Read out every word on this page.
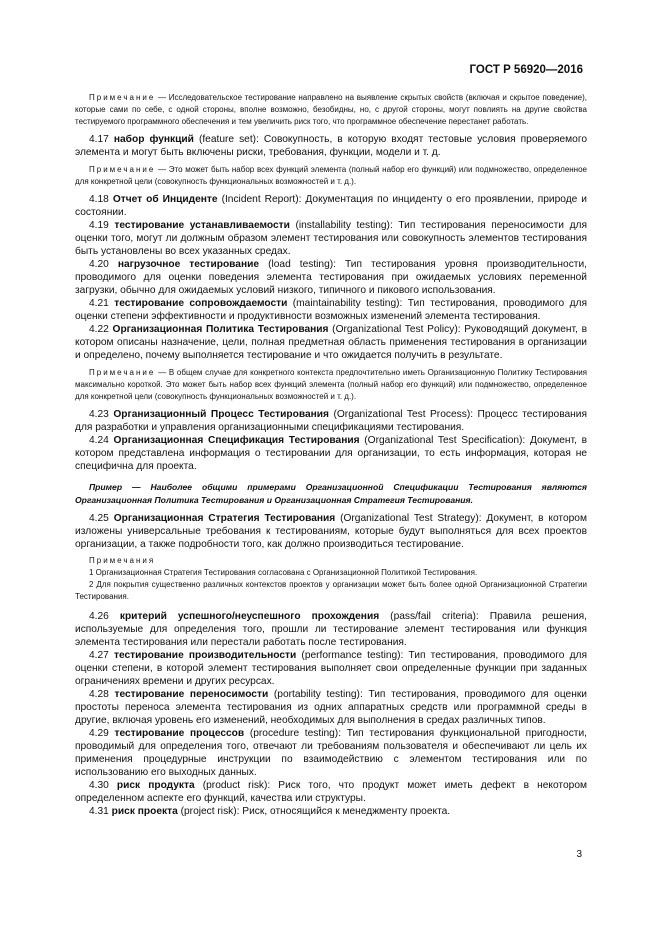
ГОСТ Р 56920—2016

Примечание — Исследовательское тестирование направлено на выявление скрытых свойств (включая и скрытое поведение), которые сами по себе, с одной стороны, вполне возможно, безобидны, но, с другой стороны, могут повлиять на другие свойства тестируемого программного обеспечения и тем увеличить риск того, что программное обеспечение перестанет работать.

4.17 набор функций (feature set): Совокупность, в которую входят тестовые условия проверяемого элемента и могут быть включены риски, требования, функции, модели и т. д.

Примечание — Это может быть набор всех функций элемента (полный набор его функций) или подмножество, определенное для конкретной цели (совокупность функциональных возможностей и т. д.).

4.18 Отчет об Инциденте (Incident Report): Документация по инциденту о его проявлении, природе и состоянии.

4.19 тестирование устанавливаемости (installability testing): Тип тестирования переносимости для оценки того, могут ли должным образом элемент тестирования или совокупность элементов тестирования быть установлены во всех указанных средах.

4.20 нагрузочное тестирование (load testing): Тип тестирования уровня производительности, проводимого для оценки поведения элемента тестирования при ожидаемых условиях переменной загрузки, обычно для ожидаемых условий низкого, типичного и пикового использования.

4.21 тестирование сопровождаемости (maintainability testing): Тип тестирования, проводимого для оценки степени эффективности и продуктивности возможных изменений элемента тестирования.

4.22 Организационная Политика Тестирования (Organizational Test Policy): Руководящий документ, в котором описаны назначение, цели, полная предметная область применения тестирования в организации и определено, почему выполняется тестирование и что ожидается получить в результате.

Примечание — В общем случае для конкретного контекста предпочтительно иметь Организационную Политику Тестирования максимально короткой. Это может быть набор всех функций элемента (полный набор его функций) или подмножество, определенное для конкретной цели (совокупность функциональных возможностей и т. д.).

4.23 Организационный Процесс Тестирования (Organizational Test Process): Процесс тестирования для разработки и управления организационными спецификациями тестирования.

4.24 Организационная Спецификация Тестирования (Organizational Test Specification): Документ, в котором представлена информация о тестировании для организации, то есть информация, которая не специфична для проекта.

Пример — Наиболее общими примерами Организационной Спецификации Тестирования являются Организационная Политика Тестирования и Организационная Стратегия Тестирования.

4.25 Организационная Стратегия Тестирования (Organizational Test Strategy): Документ, в котором изложены универсальные требования к тестированиям, которые будут выполняться для всех проектов организации, а также подробности того, как должно производиться тестирование.

Примечания
1 Организационная Стратегия Тестирования согласована с Организационной Политикой Тестирования.
2 Для покрытия существенно различных контекстов проектов у организации может быть более одной Организационной Стратегии Тестирования.

4.26 критерий успешного/неуспешного прохождения (pass/fail criteria): Правила решения, используемые для определения того, прошли ли тестирование элемент тестирования или функция элемента тестирования или перестали работать после тестирования.

4.27 тестирование производительности (performance testing): Тип тестирования, проводимого для оценки степени, в которой элемент тестирования выполняет свои определенные функции при заданных ограничениях времени и других ресурсах.

4.28 тестирование переносимости (portability testing): Тип тестирования, проводимого для оценки простоты переноса элемента тестирования из одних аппаратных средств или программной среды в другие, включая уровень его изменений, необходимых для выполнения в средах различных типов.

4.29 тестирование процессов (procedure testing): Тип тестирования функциональной пригодности, проводимый для определения того, отвечают ли требованиям пользователя и обеспечивают ли цель их применения процедурные инструкции по взаимодействию с элементом тестирования или по использованию его выходных данных.

4.30 риск продукта (product risk): Риск того, что продукт может иметь дефект в некотором определенном аспекте его функций, качества или структуры.

4.31 риск проекта (project risk): Риск, относящийся к менеджменту проекта.

3
